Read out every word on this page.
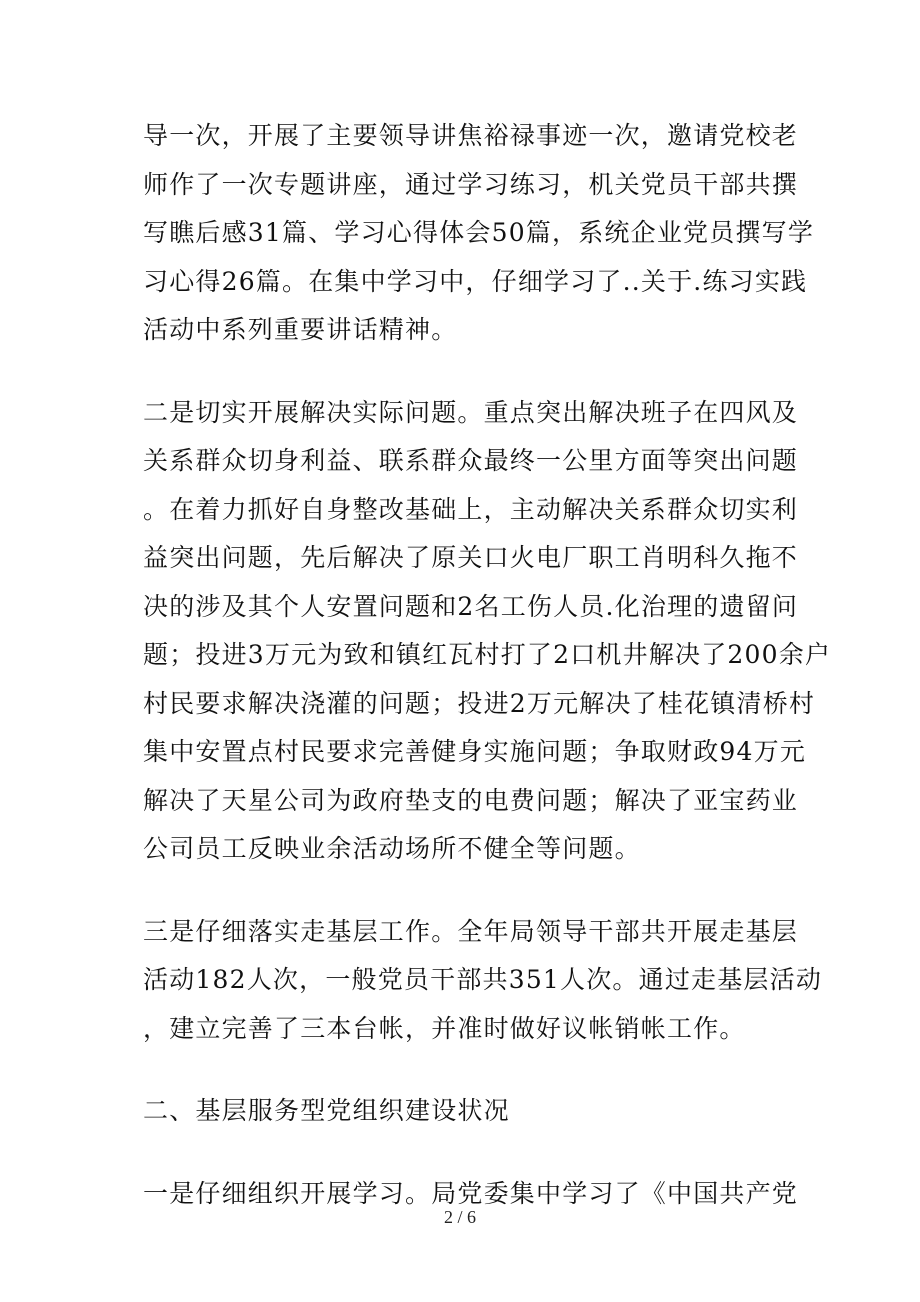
导一次，开展了主要领导讲焦裕禄事迹一次，邀请党校老
师作了一次专题讲座，通过学习练习，机关党员干部共撰
写瞧后感31篇、学习心得体会50篇，系统企业党员撰写学
习心得26篇。在集中学习中，仔细学习了..关于.练习实践
活动中系列重要讲话精神。

二是切实开展解决实际问题。重点突出解决班子在四风及
关系群众切身利益、联系群众最终一公里方面等突出问题
。在着力抓好自身整改基础上，主动解决关系群众切实利
益突出问题，先后解决了原关口火电厂职工肖明科久拖不
决的涉及其个人安置问题和2名工伤人员.化治理的遗留问
题；投进3万元为致和镇红瓦村打了2口机井解决了200余户
村民要求解决浇灌的问题；投进2万元解决了桂花镇清桥村
集中安置点村民要求完善健身实施问题；争取财政94万元
解决了天星公司为政府垫支的电费问题；解决了亚宝药业
公司员工反映业余活动场所不健全等问题。

三是仔细落实走基层工作。全年局领导干部共开展走基层
活动182人次，一般党员干部共351人次。通过走基层活动
，建立完善了三本台帐，并准时做好议帐销帐工作。

二、基层服务型党组织建设状况

一是仔细组织开展学习。局党委集中学习了《中国共产党

2 / 6
